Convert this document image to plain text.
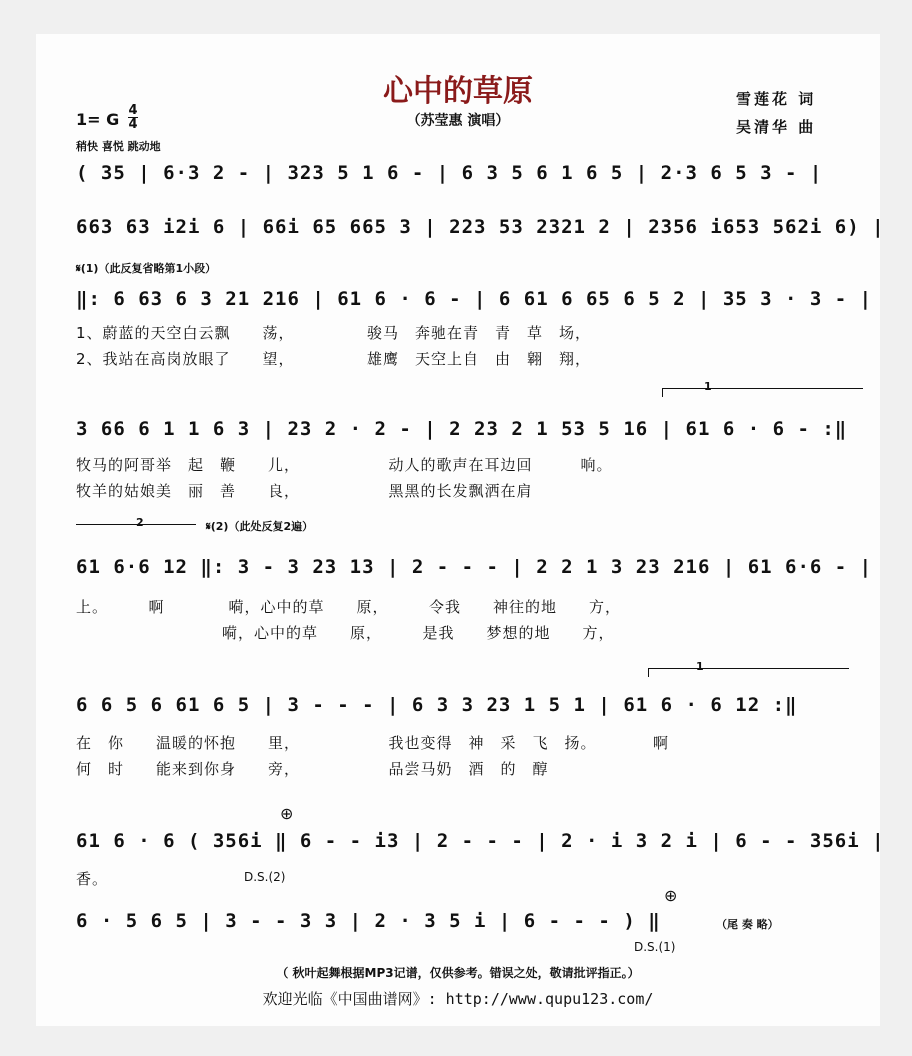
心中的草原
（苏莹惠 演唱）
雪莲花 词
吴清华 曲
1= G 4
4
稍快 喜悦 跳动地
( 35 | 6·3 2 - | 323 5 1 6 - | 6 3 5 6 1 6 5 | 2·3 6 5 3 - |
663 63 i2i 6 | 66i 65 665 3 | 223 53 2321 2 | 2356 i653 562i 6) |
𝄋(1)（此反复省略第1小段）
‖: 6 63 6 3 21 216 | 61 6 · 6 - | 6 61 6 65 6 5 2 | 35 3 · 3 - |
1、蔚蓝的天空白云飘　　荡，　　　　　骏马　奔驰在青　青　草　场，
2、我站在高岗放眼了　　望，　　　　　雄鹰　天空上自　由　翱　翔，
1
3 66 6 1 1 6 3 | 23 2 · 2 - | 2 23 2 1 53 5 16 | 61 6 · 6 - :‖
牧马的阿哥举　起　鞭　　儿，　　　　　　动人的歌声在耳边回　　　响。
牧羊的姑娘美　丽　善　　良，　　　　　　黑黑的长发飘洒在肩
2	𝄋(2)（此处反复2遍）
61 6·6 12 ‖: 3 - 3 23 13 | 2 - - - | 2 2 1 3 23 216 | 61 6·6 - |
上。　　　啊　　　　嗬，心中的草　　原，　　　令我　　神往的地　　方，
嗬，心中的草　　原，　　　是我　　梦想的地　　方，
1
6 6 5 6 61 6 5 | 3 - - - | 6 3 3 23 1 5 1 | 61 6 · 6 12 :‖
在　你　　温暖的怀抱　　里，　　　　　　我也变得　神　采　飞　扬。　　　　啊
何　时　　能来到你身　　旁，　　　　　　品尝马奶　酒　的　醇
⊕
61 6 · 6 ( 356i ‖ 6 - - i3 | 2 - - - | 2 · i 3 2 i | 6 - - 356i |
香。	D.S.(2)
⊕
6 · 5 6 5 | 3 - - 3 3 | 2 · 3 5 i | 6 - - - ) ‖	（尾 奏 略）
D.S.(1)
（ 秋叶起舞根据MP3记谱，仅供参考。错误之处，敬请批评指正。）
欢迎光临《中国曲谱网》: http://www.qupu123.com/
